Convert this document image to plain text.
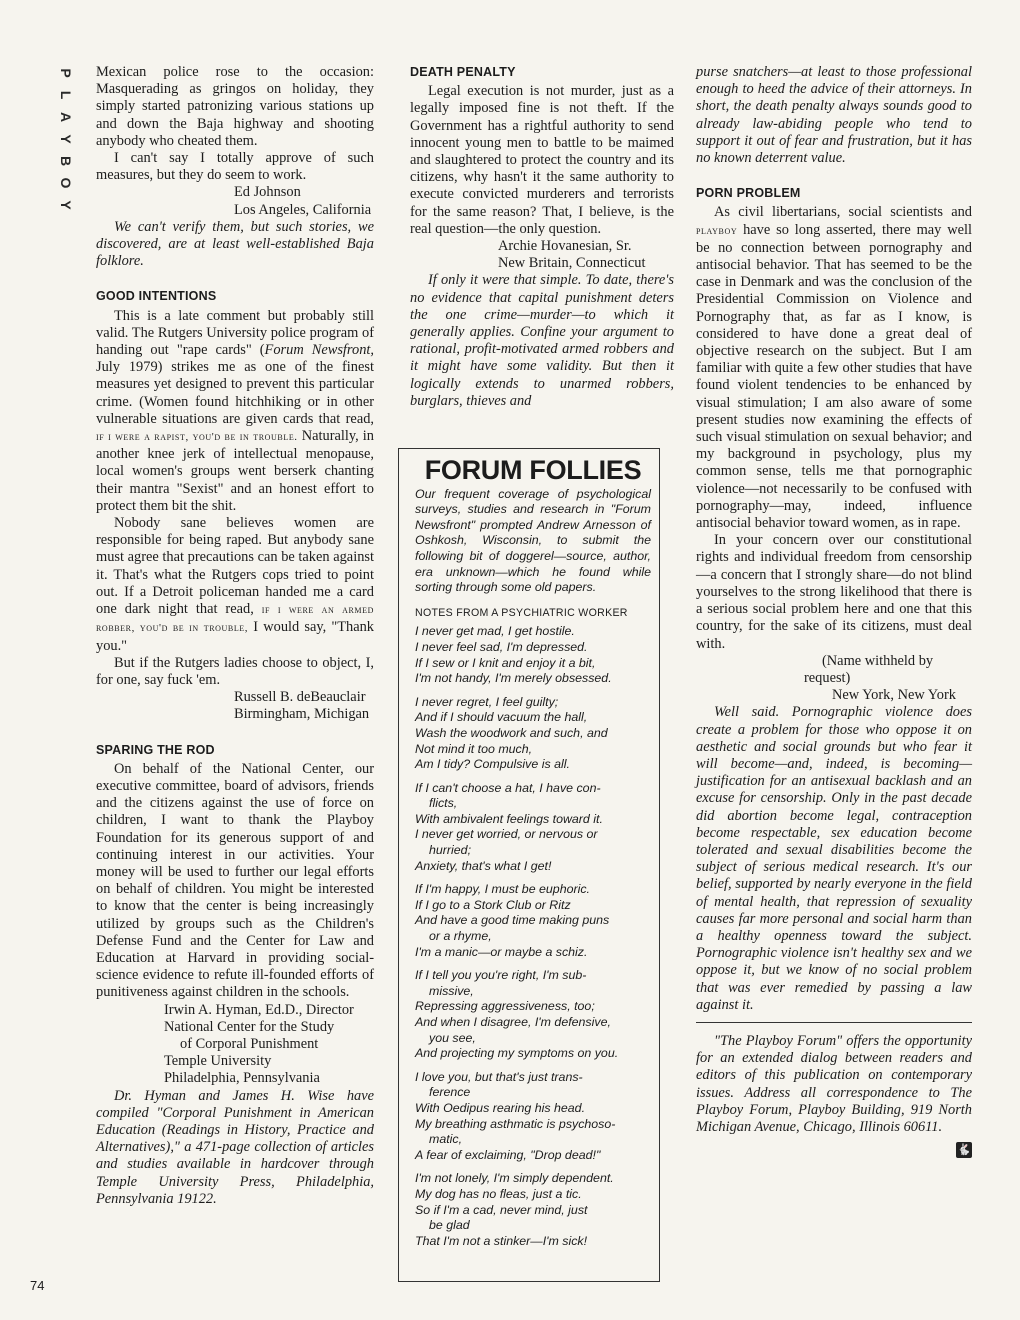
P
L
A
Y
B
O
Y

Mexican police rose to the occasion: Masquerading as gringos on holiday, they simply started patronizing various stations up and down the Baja highway and shooting anybody who cheated them.

I can't say I totally approve of such measures, but they do seem to work.

Ed Johnson

Los Angeles, California

We can't verify them, but such stories, we discovered, are at least well-established Baja folklore.

GOOD INTENTIONS

This is a late comment but probably still valid. The Rutgers University police program of handing out "rape cards" (Forum Newsfront, July 1979) strikes me as one of the finest measures yet designed to prevent this particular crime. (Women found hitchhiking or in other vulnerable situations are given cards that read, if i were a rapist, you'd be in trouble. Naturally, in another knee jerk of intellectual menopause, local women's groups went berserk chanting their mantra "Sexist" and an honest effort to protect them bit the shit.

Nobody sane believes women are responsible for being raped. But anybody sane must agree that precautions can be taken against it. That's what the Rutgers cops tried to point out. If a Detroit policeman handed me a card one dark night that read, if i were an armed robber, you'd be in trouble, I would say, "Thank you."

But if the Rutgers ladies choose to object, I, for one, say fuck 'em.

Russell B. deBeauclair

Birmingham, Michigan

SPARING THE ROD

On behalf of the National Center, our executive committee, board of advisors, friends and the citizens against the use of force on children, I want to thank the Playboy Foundation for its generous support of and continuing interest in our activities. Your money will be used to further our legal efforts on behalf of children. You might be interested to know that the center is being increasingly utilized by groups such as the Children's Defense Fund and the Center for Law and Education at Harvard in providing social-science evidence to refute ill-founded efforts of punitiveness against children in the schools.

Irwin A. Hyman, Ed.D., Director

National Center for the Study

of Corporal Punishment

Temple University

Philadelphia, Pennsylvania

Dr. Hyman and James H. Wise have compiled "Corporal Punishment in American Education (Readings in History, Practice and Alternatives)," a 471-page collection of articles and studies available in hardcover through Temple University Press, Philadelphia, Pennsylvania 19122.

DEATH PENALTY

Legal execution is not murder, just as a legally imposed fine is not theft. If the Government has a rightful authority to send innocent young men to battle to be maimed and slaughtered to protect the country and its citizens, why hasn't it the same authority to execute convicted murderers and terrorists for the same reason? That, I believe, is the real question—the only question.

Archie Hovanesian, Sr.

New Britain, Connecticut

If only it were that simple. To date, there's no evidence that capital punishment deters the one crime—murder—to which it generally applies. Confine your argument to rational, profit-motivated armed robbers and it might have some validity. But then it logically extends to unarmed robbers, burglars, thieves and

FORUM FOLLIES

Our frequent coverage of psychological surveys, studies and research in "Forum Newsfront" prompted Andrew Arnesson of Oshkosh, Wisconsin, to submit the following bit of doggerel—source, author, era unknown—which he found while sorting through some old papers.

NOTES FROM A PSYCHIATRIC WORKER
I never get mad, I get hostile.
I never feel sad, I'm depressed.
If I sew or I knit and enjoy it a bit,
I'm not handy, I'm merely obsessed.
I never regret, I feel guilty;
And if I should vacuum the hall,
Wash the woodwork and such, and
Not mind it too much,
Am I tidy? Compulsive is all.
If I can't choose a hat, I have con-
flicts,
With ambivalent feelings toward it.
I never get worried, or nervous or
hurried;
Anxiety, that's what I get!
If I'm happy, I must be euphoric.
If I go to a Stork Club or Ritz
And have a good time making puns
or a rhyme,
I'm a manic—or maybe a schiz.
If I tell you you're right, I'm sub-
missive,
Repressing aggressiveness, too;
And when I disagree, I'm defensive,
you see,
And projecting my symptoms on you.
I love you, but that's just trans-
ference
With Oedipus rearing his head.
My breathing asthmatic is psychoso-
matic,
A fear of exclaiming, "Drop dead!"
I'm not lonely, I'm simply dependent.
My dog has no fleas, just a tic.
So if I'm a cad, never mind, just
be glad
That I'm not a stinker—I'm sick!

purse snatchers—at least to those professional enough to heed the advice of their attorneys. In short, the death penalty always sounds good to already law-abiding people who tend to support it out of fear and frustration, but it has no known deterrent value.

PORN PROBLEM

As civil libertarians, social scientists and playboy have so long asserted, there may well be no connection between pornography and antisocial behavior. That has seemed to be the case in Denmark and was the conclusion of the Presidential Commission on Violence and Pornography that, as far as I know, is considered to have done a great deal of objective research on the subject. But I am familiar with quite a few other studies that have found violent tendencies to be enhanced by visual stimulation; I am also aware of some present studies now examining the effects of such visual stimulation on sexual behavior; and my background in psychology, plus my common sense, tells me that pornographic violence—not necessarily to be confused with pornography—may, indeed, influence antisocial behavior toward women, as in rape.

In your concern over our constitutional rights and individual freedom from censorship—a concern that I strongly share—do not blind yourselves to the strong likelihood that there is a serious social problem here and one that this country, for the sake of its citizens, must deal with.

(Name withheld by request)

New York, New York

Well said. Pornographic violence does create a problem for those who oppose it on aesthetic and social grounds but who fear it will become—and, indeed, is becoming—justification for an antisexual backlash and an excuse for censorship. Only in the past decade did abortion become legal, contraception become respectable, sex education become tolerated and sexual disabilities become the subject of serious medical research. It's our belief, supported by nearly everyone in the field of mental health, that repression of sexuality causes far more personal and social harm than a healthy openness toward the subject. Pornographic violence isn't healthy sex and we oppose it, but we know of no social problem that was ever remedied by passing a law against it.

"The Playboy Forum" offers the opportunity for an extended dialog between readers and editors of this publication on contemporary issues. Address all correspondence to The Playboy Forum, Playboy Building, 919 North Michigan Avenue, Chicago, Illinois 60611.

🐇
74
